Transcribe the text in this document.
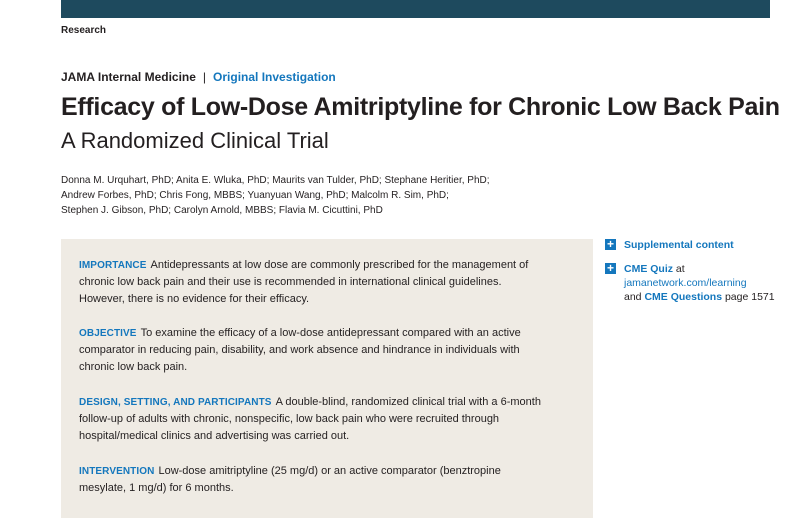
Research
JAMA Internal Medicine | Original Investigation
Efficacy of Low-Dose Amitriptyline for Chronic Low Back Pain
A Randomized Clinical Trial
Donna M. Urquhart, PhD; Anita E. Wluka, PhD; Maurits van Tulder, PhD; Stephane Heritier, PhD;
Andrew Forbes, PhD; Chris Fong, MBBS; Yuanyuan Wang, PhD; Malcolm R. Sim, PhD;
Stephen J. Gibson, PhD; Carolyn Arnold, MBBS; Flavia M. Cicuttini, PhD
IMPORTANCE Antidepressants at low dose are commonly prescribed for the management of
chronic low back pain and their use is recommended in international clinical guidelines.
However, there is no evidence for their efficacy.
OBJECTIVE To examine the efficacy of a low-dose antidepressant compared with an active
comparator in reducing pain, disability, and work absence and hindrance in individuals with
chronic low back pain.
DESIGN, SETTING, AND PARTICIPANTS A double-blind, randomized clinical trial with a 6-month
follow-up of adults with chronic, nonspecific, low back pain who were recruited through
hospital/medical clinics and advertising was carried out.
INTERVENTION Low-dose amitriptyline (25 mg/d) or an active comparator (benztropine
mesylate, 1 mg/d) for 6 months.
+ Supplemental content
+ CME Quiz at
jamanetwork.com/learning
and CME Questions page 1571
